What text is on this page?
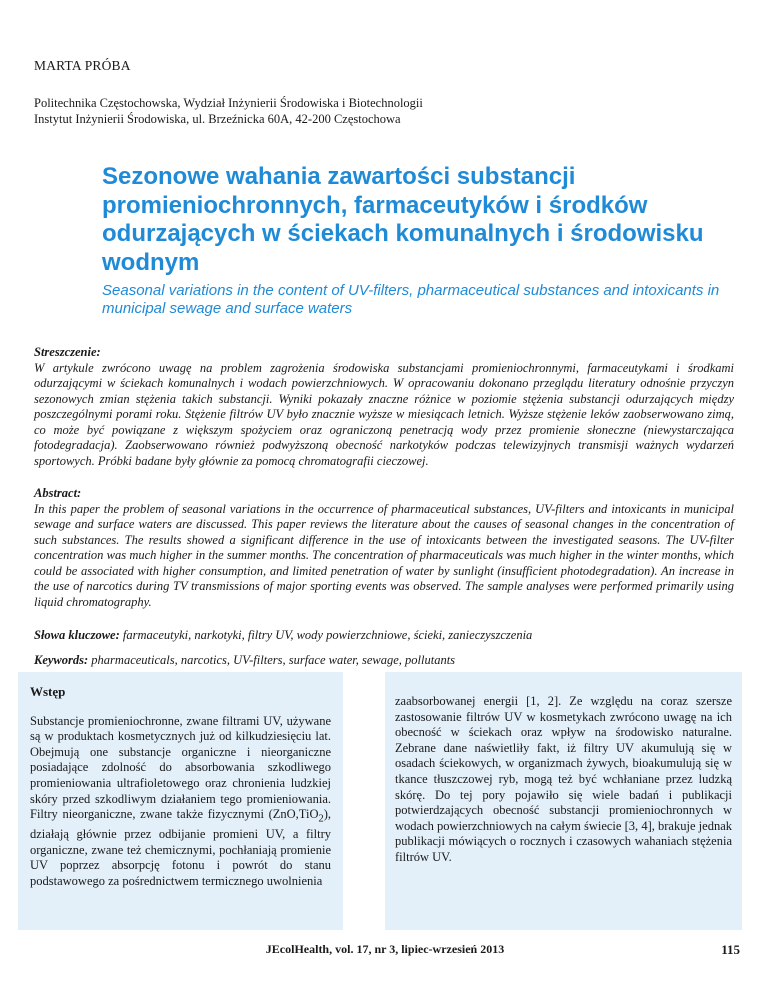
MARTA PRÓBA
Politechnika Częstochowska, Wydział Inżynierii Środowiska i Biotechnologii
Instytut Inżynierii Środowiska, ul. Brzeźnicka 60A, 42-200 Częstochowa
Sezonowe wahania zawartości substancji promieniochronnych, farmaceutyków i środków odurzających w ściekach komunalnych i środowisku wodnym

Seasonal variations in the content of UV-filters, pharmaceutical substances and intoxicants in municipal sewage and surface waters

Streszczenie:
W artykule zwrócono uwagę na problem zagrożenia środowiska substancjami promieniochronnymi, farmaceutykami i środkami odurzającymi w ściekach komunalnych i wodach powierzchniowych. W opracowaniu dokonano przeglądu literatury odnośnie przyczyn sezonowych zmian stężenia takich substancji. Wyniki pokazały znaczne różnice w poziomie stężenia substancji odurzających między poszczególnymi porami roku. Stężenie filtrów UV było znacznie wyższe w miesiącach letnich. Wyższe stężenie leków zaobserwowano zimą, co może być powiązane z większym spożyciem oraz ograniczoną penetracją wody przez promienie słoneczne (niewystarczająca fotodegradacja). Zaobserwowano również podwyższoną obecność narkotyków podczas telewizyjnych transmisji ważnych wydarzeń sportowych. Próbki badane były głównie za pomocą chromatografii cieczowej.
Abstract:
In this paper the problem of seasonal variations in the occurrence of pharmaceutical substances, UV-filters and intoxicants in municipal sewage and surface waters are discussed. This paper reviews the literature about the causes of seasonal changes in the concentration of such substances. The results showed a significant difference in the use of intoxicants between the investigated seasons. The UV-filter concentration was much higher in the summer months. The concentration of pharmaceuticals was much higher in the winter months, which could be associated with higher consumption, and limited penetration of water by sunlight (insufficient photodegradation). An increase in the use of narcotics during TV transmissions of major sporting events was observed. The sample analyses were performed primarily using liquid chromatography.
Słowa kluczowe: farmaceutyki, narkotyki, filtry UV, wody powierzchniowe, ścieki, zanieczyszczenia
Keywords: pharmaceuticals, narcotics, UV-filters, surface water, sewage, pollutants
Wstęp
Substancje promieniochronne, zwane filtrami UV, używane są w produktach kosmetycznych już od kilkudziesięciu lat. Obejmują one substancje organiczne i nieorganiczne posiadające zdolność do absorbowania szkodliwego promieniowania ultrafioletowego oraz chronienia ludzkiej skóry przed szkodliwym działaniem tego promieniowania. Filtry nieorganiczne, zwane także fizycznymi (ZnO,TiO$_2$), działają głównie przez odbijanie promieni UV, a filtry organiczne, zwane też chemicznymi, pochłaniają promienie UV poprzez absorpcję fotonu i powrót do stanu podstawowego za pośrednictwem termicznego uwolnienia
zaabsorbowanej energii [1, 2]. Ze względu na coraz szersze zastosowanie filtrów UV w kosmetykach zwrócono uwagę na ich obecność w ściekach oraz wpływ na środowisko naturalne. Zebrane dane naświetliły fakt, iż filtry UV akumulują się w osadach ściekowych, w organizmach żywych, bioakumulują się w tkance tłuszczowej ryb, mogą też być wchłaniane przez ludzką skórę. Do tej pory pojawiło się wiele badań i publikacji potwierdzających obecność substancji promieniochronnych w wodach powierzchniowych na całym świecie [3, 4], brakuje jednak publikacji mówiących o rocznych i czasowych wahaniach stężenia filtrów UV.
JEcolHealth, vol. 17, nr 3, lipiec-wrzesień 2013	115
